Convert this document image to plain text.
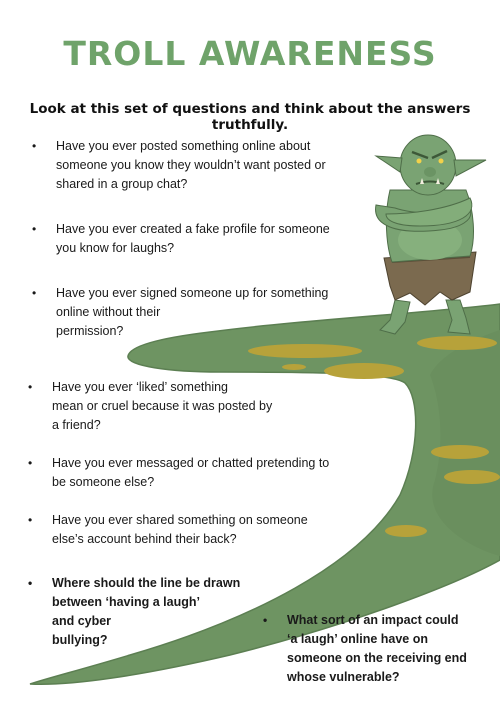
TROLL AWARENESS

Look at this set of questions and think about the answers truthfully.

• Have you ever posted something online about
someone you know they wouldn’t want posted or
shared in a group chat?
• Have you ever created a fake profile for someone
you know for laughs?
• Have you ever signed someone up for something
online without their
permission?
• Have you ever ‘liked’ something
mean or cruel because it was posted by
a friend?
• Have you ever messaged or chatted pretending to
be someone else?
• Have you ever shared something on someone
else’s account behind their back?
• Where should the line be drawn
between ‘having a laugh’
and cyber
bullying?
• What sort of an impact could
‘a laugh’ online have on
someone on the receiving end
whose vulnerable?
